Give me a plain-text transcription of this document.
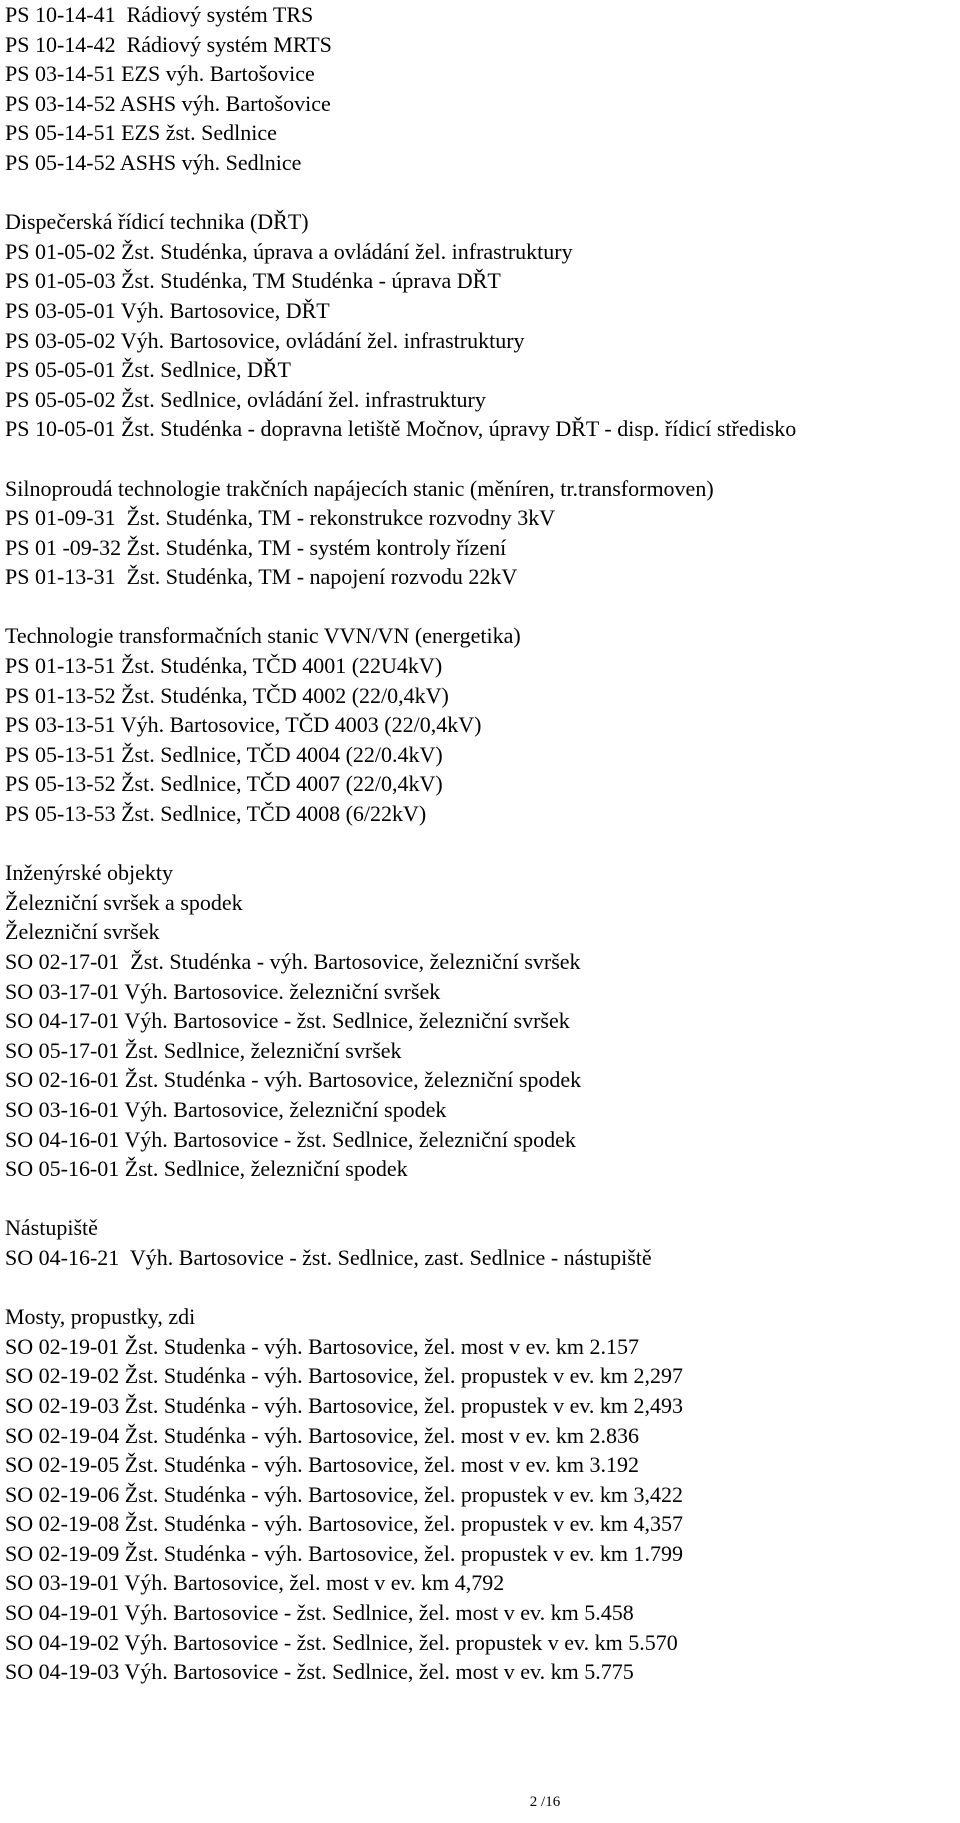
PS 10-14-41  Rádiový systém TRS
PS 10-14-42  Rádiový systém MRTS
PS 03-14-51 EZS výh. Bartošovice
PS 03-14-52 ASHS výh. Bartošovice
PS 05-14-51 EZS žst. Sedlnice
PS 05-14-52 ASHS výh. Sedlnice
Dispečerská řídicí technika (DŘT)
PS 01-05-02 Žst. Studénka, úprava a ovládání žel. infrastruktury
PS 01-05-03 Žst. Studénka, TM Studénka - úprava DŘT
PS 03-05-01 Výh. Bartosovice, DŘT
PS 03-05-02 Výh. Bartosovice, ovládání žel. infrastruktury
PS 05-05-01 Žst. Sedlnice, DŘT
PS 05-05-02 Žst. Sedlnice, ovládání žel. infrastruktury
PS 10-05-01 Žst. Studénka - dopravna letiště Močnov, úpravy DŘT - disp. řídicí středisko
Silnoproudá technologie trakčních napájecích stanic (měníren, tr.transformoven)
PS 01-09-31  Žst. Studénka, TM - rekonstrukce rozvodny 3kV
PS 01 -09-32 Žst. Studénka, TM - systém kontroly řízení
PS 01-13-31  Žst. Studénka, TM - napojení rozvodu 22kV
Technologie transformačních stanic VVN/VN (energetika)
PS 01-13-51 Žst. Studénka, TČD 4001 (22U4kV)
PS 01-13-52 Žst. Studénka, TČD 4002 (22/0,4kV)
PS 03-13-51 Výh. Bartosovice, TČD 4003 (22/0,4kV)
PS 05-13-51 Žst. Sedlnice, TČD 4004 (22/0.4kV)
PS 05-13-52 Žst. Sedlnice, TČD 4007 (22/0,4kV)
PS 05-13-53 Žst. Sedlnice, TČD 4008 (6/22kV)
Inženýrské objekty
Železniční svršek a spodek
Železniční svršek
SO 02-17-01  Žst. Studénka - výh. Bartosovice, železniční svršek
SO 03-17-01 Výh. Bartosovice. železniční svršek
SO 04-17-01 Výh. Bartosovice - žst. Sedlnice, železniční svršek
SO 05-17-01 Žst. Sedlnice, železniční svršek
SO 02-16-01 Žst. Studénka - výh. Bartosovice, železniční spodek
SO 03-16-01 Výh. Bartosovice, železniční spodek
SO 04-16-01 Výh. Bartosovice - žst. Sedlnice, železniční spodek
SO 05-16-01 Žst. Sedlnice, železniční spodek
Nástupiště
SO 04-16-21  Výh. Bartosovice - žst. Sedlnice, zast. Sedlnice - nástupiště
Mosty, propustky, zdi
SO 02-19-01 Žst. Studenka - výh. Bartosovice, žel. most v ev. km 2.157
SO 02-19-02 Žst. Studénka - výh. Bartosovice, žel. propustek v ev. km 2,297
SO 02-19-03 Žst. Studénka - výh. Bartosovice, žel. propustek v ev. km 2,493
SO 02-19-04 Žst. Studénka - výh. Bartosovice, žel. most v ev. km 2.836
SO 02-19-05 Žst. Studénka - výh. Bartosovice, žel. most v ev. km 3.192
SO 02-19-06 Žst. Studénka - výh. Bartosovice, žel. propustek v ev. km 3,422
SO 02-19-08 Žst. Studénka - výh. Bartosovice, žel. propustek v ev. km 4,357
SO 02-19-09 Žst. Studénka - výh. Bartosovice, žel. propustek v ev. km 1.799
SO 03-19-01 Výh. Bartosovice, žel. most v ev. km 4,792
SO 04-19-01 Výh. Bartosovice - žst. Sedlnice, žel. most v ev. km 5.458
SO 04-19-02 Výh. Bartosovice - žst. Sedlnice, žel. propustek v ev. km 5.570
SO 04-19-03 Výh. Bartosovice - žst. Sedlnice, žel. most v ev. km 5.775
2 /16
